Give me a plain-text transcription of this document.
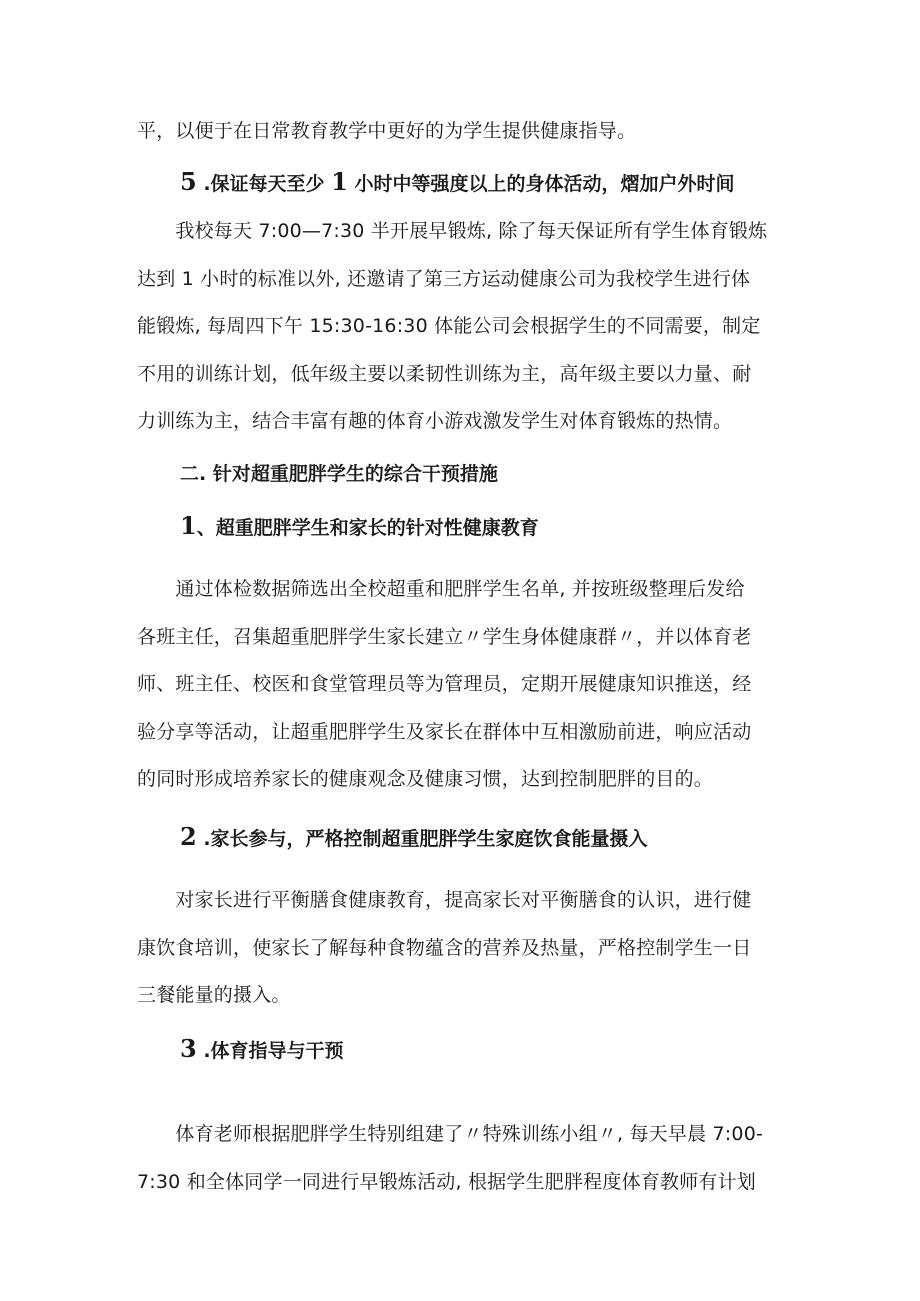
平，以便于在日常教育教学中更好的为学生提供健康指导。

5 .保证每天至少 1 小时中等强度以上的身体活动，熠加户外时间

　　我校每天 7:00—7:30 半开展早锻炼, 除了每天保证所有学生体育锻炼
达到 1 小时的标准以外, 还邀请了第三方运动健康公司为我校学生进行体
能锻炼, 每周四下午 15:30-16:30 体能公司会根据学生的不同需要，制定
不用的训练计划，低年级主要以柔韧性训练为主，高年级主要以力量、耐
力训练为主，结合丰富有趣的体育小游戏激发学生对体育锻炼的热情。

二. 针对超重肥胖学生的综合干预措施
1、超重肥胖学生和家长的针对性健康教育

　　通过体检数据筛选出全校超重和肥胖学生名单, 并按班级整理后发给
各班主任，召集超重肥胖学生家长建立〃学生身体健康群〃，并以体育老
师、班主任、校医和食堂管理员等为管理员，定期开展健康知识推送，经
验分享等活动，让超重肥胖学生及家长在群体中互相激励前进，响应活动
的同时形成培养家长的健康观念及健康习惯，达到控制肥胖的目的。

2 .家长参与，严格控制超重肥胖学生家庭饮食能量摄入

　　对家长进行平衡膳食健康教育，提高家长对平衡膳食的认识，进行健
康饮食培训，使家长了解每种食物蕴含的营养及热量，严格控制学生一日
三餐能量的摄入。

3 .体育指导与干预

　　体育老师根据肥胖学生特别组建了〃特殊训练小组〃, 每天早晨 7:00-
7:30 和全体同学一同进行早锻炼活动, 根据学生肥胖程度体育教师有计划
